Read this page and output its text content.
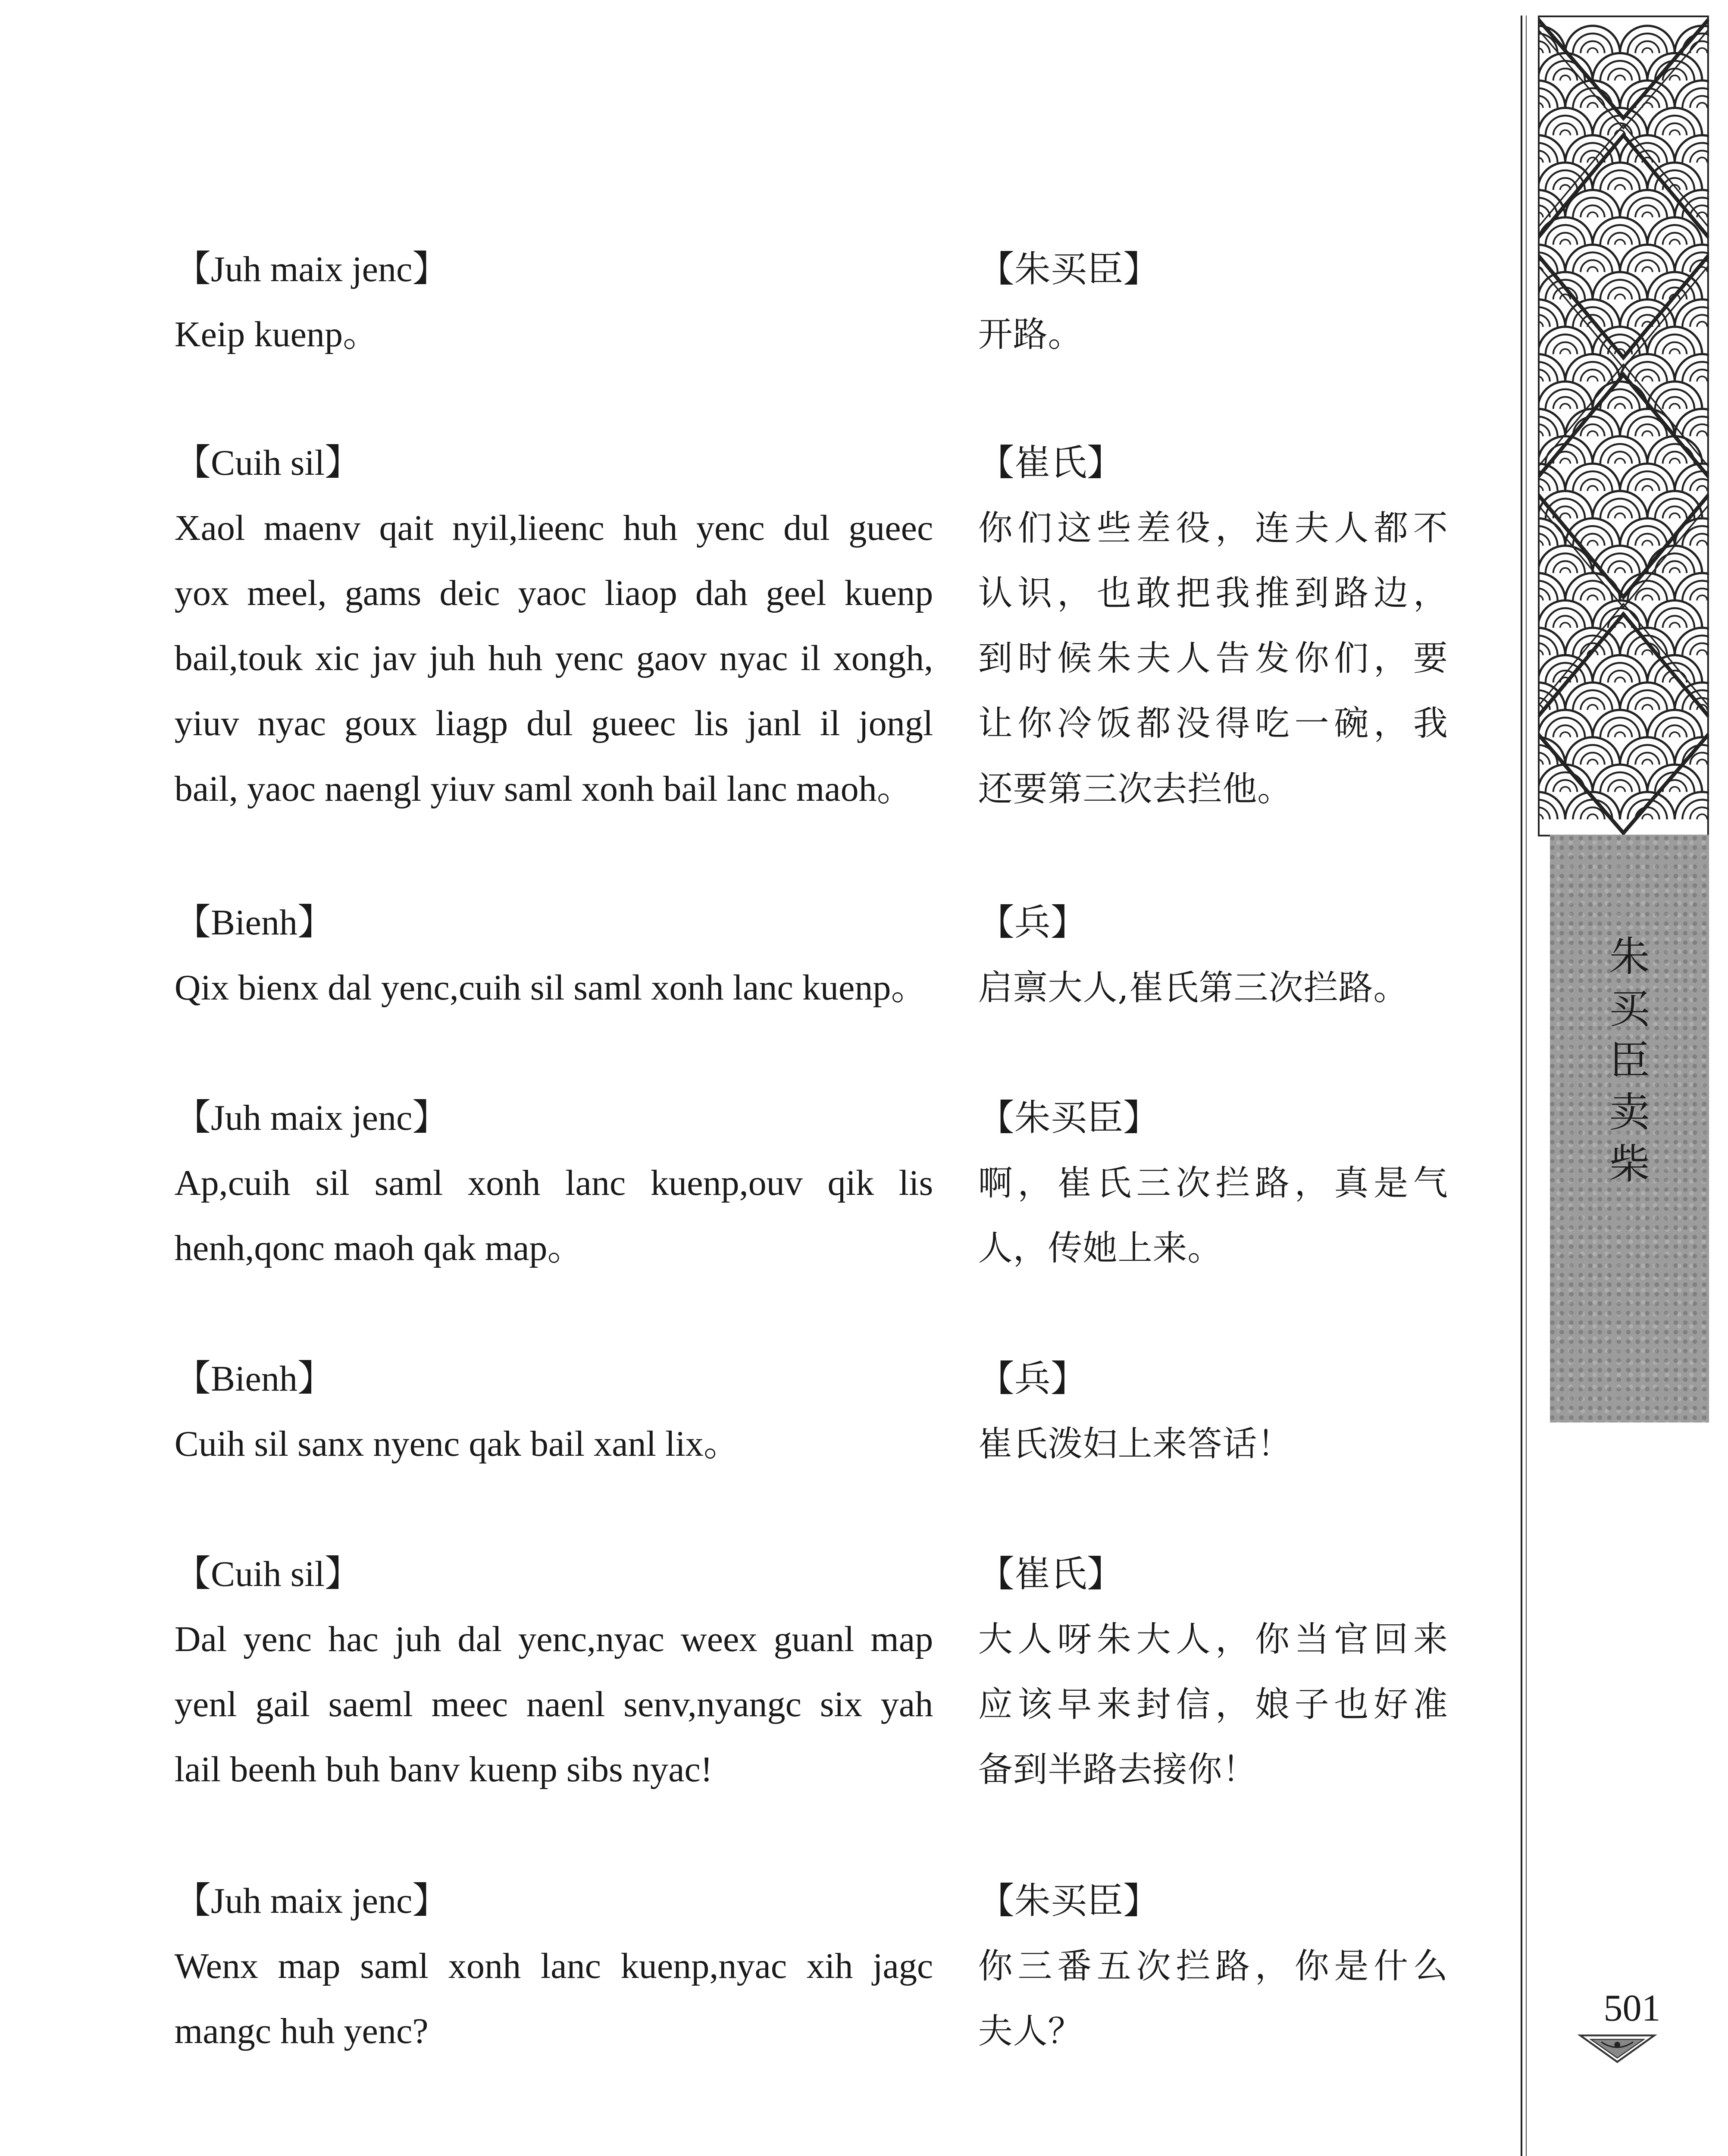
【Juh maix jenc】
Keip kuenp。
【Cuih sil】
Xaol maenv qait nyil,lieenc huh yenc dul gueec
yox meel, gams deic yaoc liaop dah geel kuenp
bail,touk xic jav juh huh yenc gaov nyac il xongh,
yiuv nyac goux liagp dul gueec lis janl il jongl
bail, yaoc naengl yiuv saml xonh bail lanc maoh。
【Bienh】
Qix bienx dal yenc,cuih sil saml xonh lanc kuenp。
【Juh maix jenc】
Ap,cuih sil saml xonh lanc kuenp,ouv qik lis
henh,qonc maoh qak map。
【Bienh】
Cuih sil sanx nyenc qak bail xanl lix。
【Cuih sil】
Dal yenc hac juh dal yenc,nyac weex guanl map
yenl gail saeml meec naenl senv,nyangc six yah
lail beenh buh banv kuenp sibs nyac!
【Juh maix jenc】
Wenx map saml xonh lanc kuenp,nyac xih jagc
mangc huh yenc?
【朱买臣】
开路。
【崔氏】
你们这些差役，连夫人都不
认识，也敢把我推到路边，
到时候朱夫人告发你们，要
让你冷饭都没得吃一碗，我
还要第三次去拦他。
【兵】
启禀大人,崔氏第三次拦路。
【朱买臣】
啊，崔氏三次拦路，真是气
人，传她上来。
【兵】
崔氏泼妇上来答话！
【崔氏】
大人呀朱大人，你当官回来
应该早来封信，娘子也好准
备到半路去接你！
【朱买臣】
你三番五次拦路，你是什么
夫人？
朱
买
臣
卖
柴
501
